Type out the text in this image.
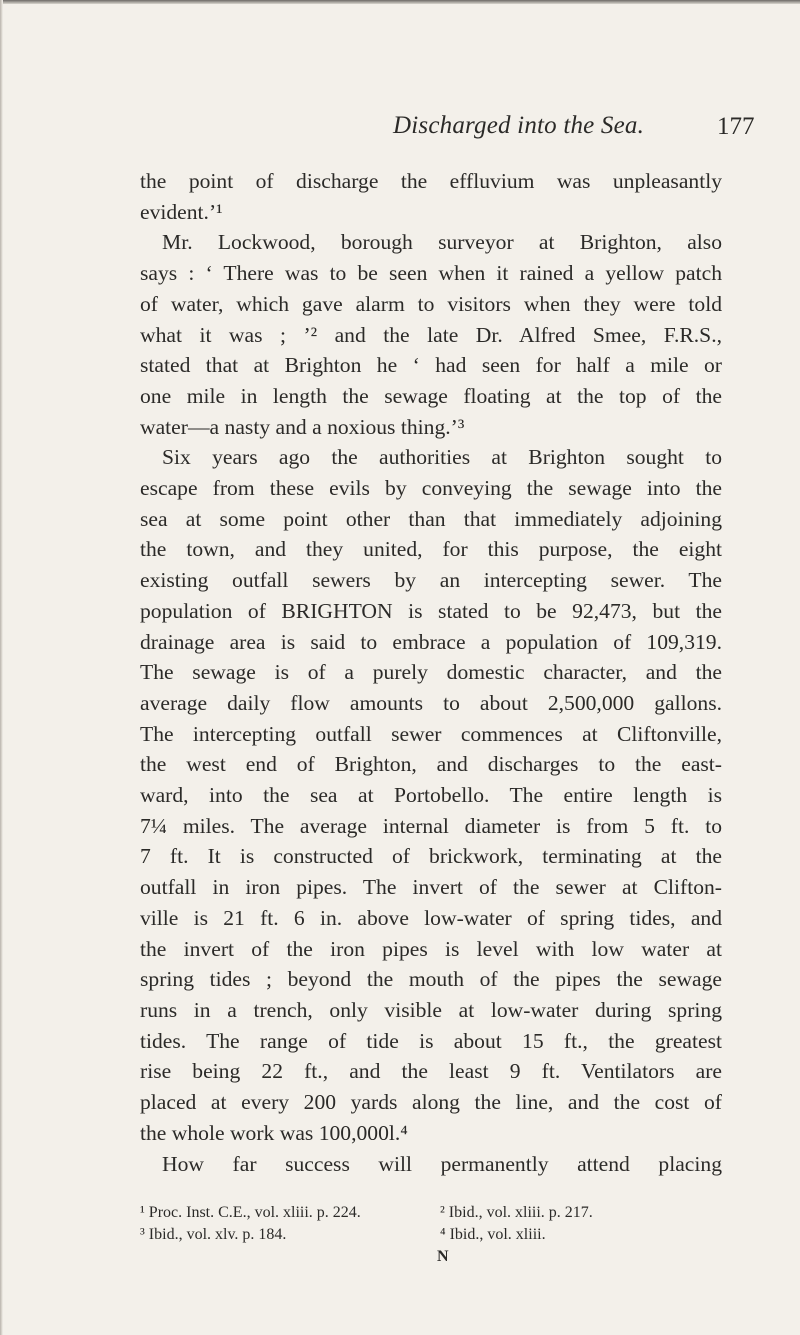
Discharged into the Sea.	177

the point of discharge the effluvium was unpleasantly

evident.’¹

Mr. Lockwood, borough surveyor at Brighton, also

says : ‘ There was to be seen when it rained a yellow patch

of water, which gave alarm to visitors when they were told

what it was ; ’² and the late Dr. Alfred Smee, F.R.S.,

stated that at Brighton he ‘ had seen for half a mile or

one mile in length the sewage floating at the top of the

water—a nasty and a noxious thing.’³

Six years ago the authorities at Brighton sought to

escape from these evils by conveying the sewage into the

sea at some point other than that immediately adjoining

the town, and they united, for this purpose, the eight

existing outfall sewers by an intercepting sewer. The

population of BRIGHTON is stated to be 92,473, but the

drainage area is said to embrace a population of 109,319.

The sewage is of a purely domestic character, and the

average daily flow amounts to about 2,500,000 gallons.

The intercepting outfall sewer commences at Cliftonville,

the west end of Brighton, and discharges to the east-

ward, into the sea at Portobello. The entire length is

7¼ miles. The average internal diameter is from 5 ft. to

7 ft. It is constructed of brickwork, terminating at the

outfall in iron pipes. The invert of the sewer at Clifton-

ville is 21 ft. 6 in. above low-water of spring tides, and

the invert of the iron pipes is level with low water at

spring tides ; beyond the mouth of the pipes the sewage

runs in a trench, only visible at low-water during spring

tides. The range of tide is about 15 ft., the greatest

rise being 22 ft., and the least 9 ft. Ventilators are

placed at every 200 yards along the line, and the cost of

the whole work was 100,000l.⁴

How far success will permanently attend placing

¹ Proc. Inst. C.E., vol. xliii. p. 224.	² Ibid., vol. xliii. p. 217.
³ Ibid., vol. xlv. p. 184.	⁴ Ibid., vol. xliii.
N
